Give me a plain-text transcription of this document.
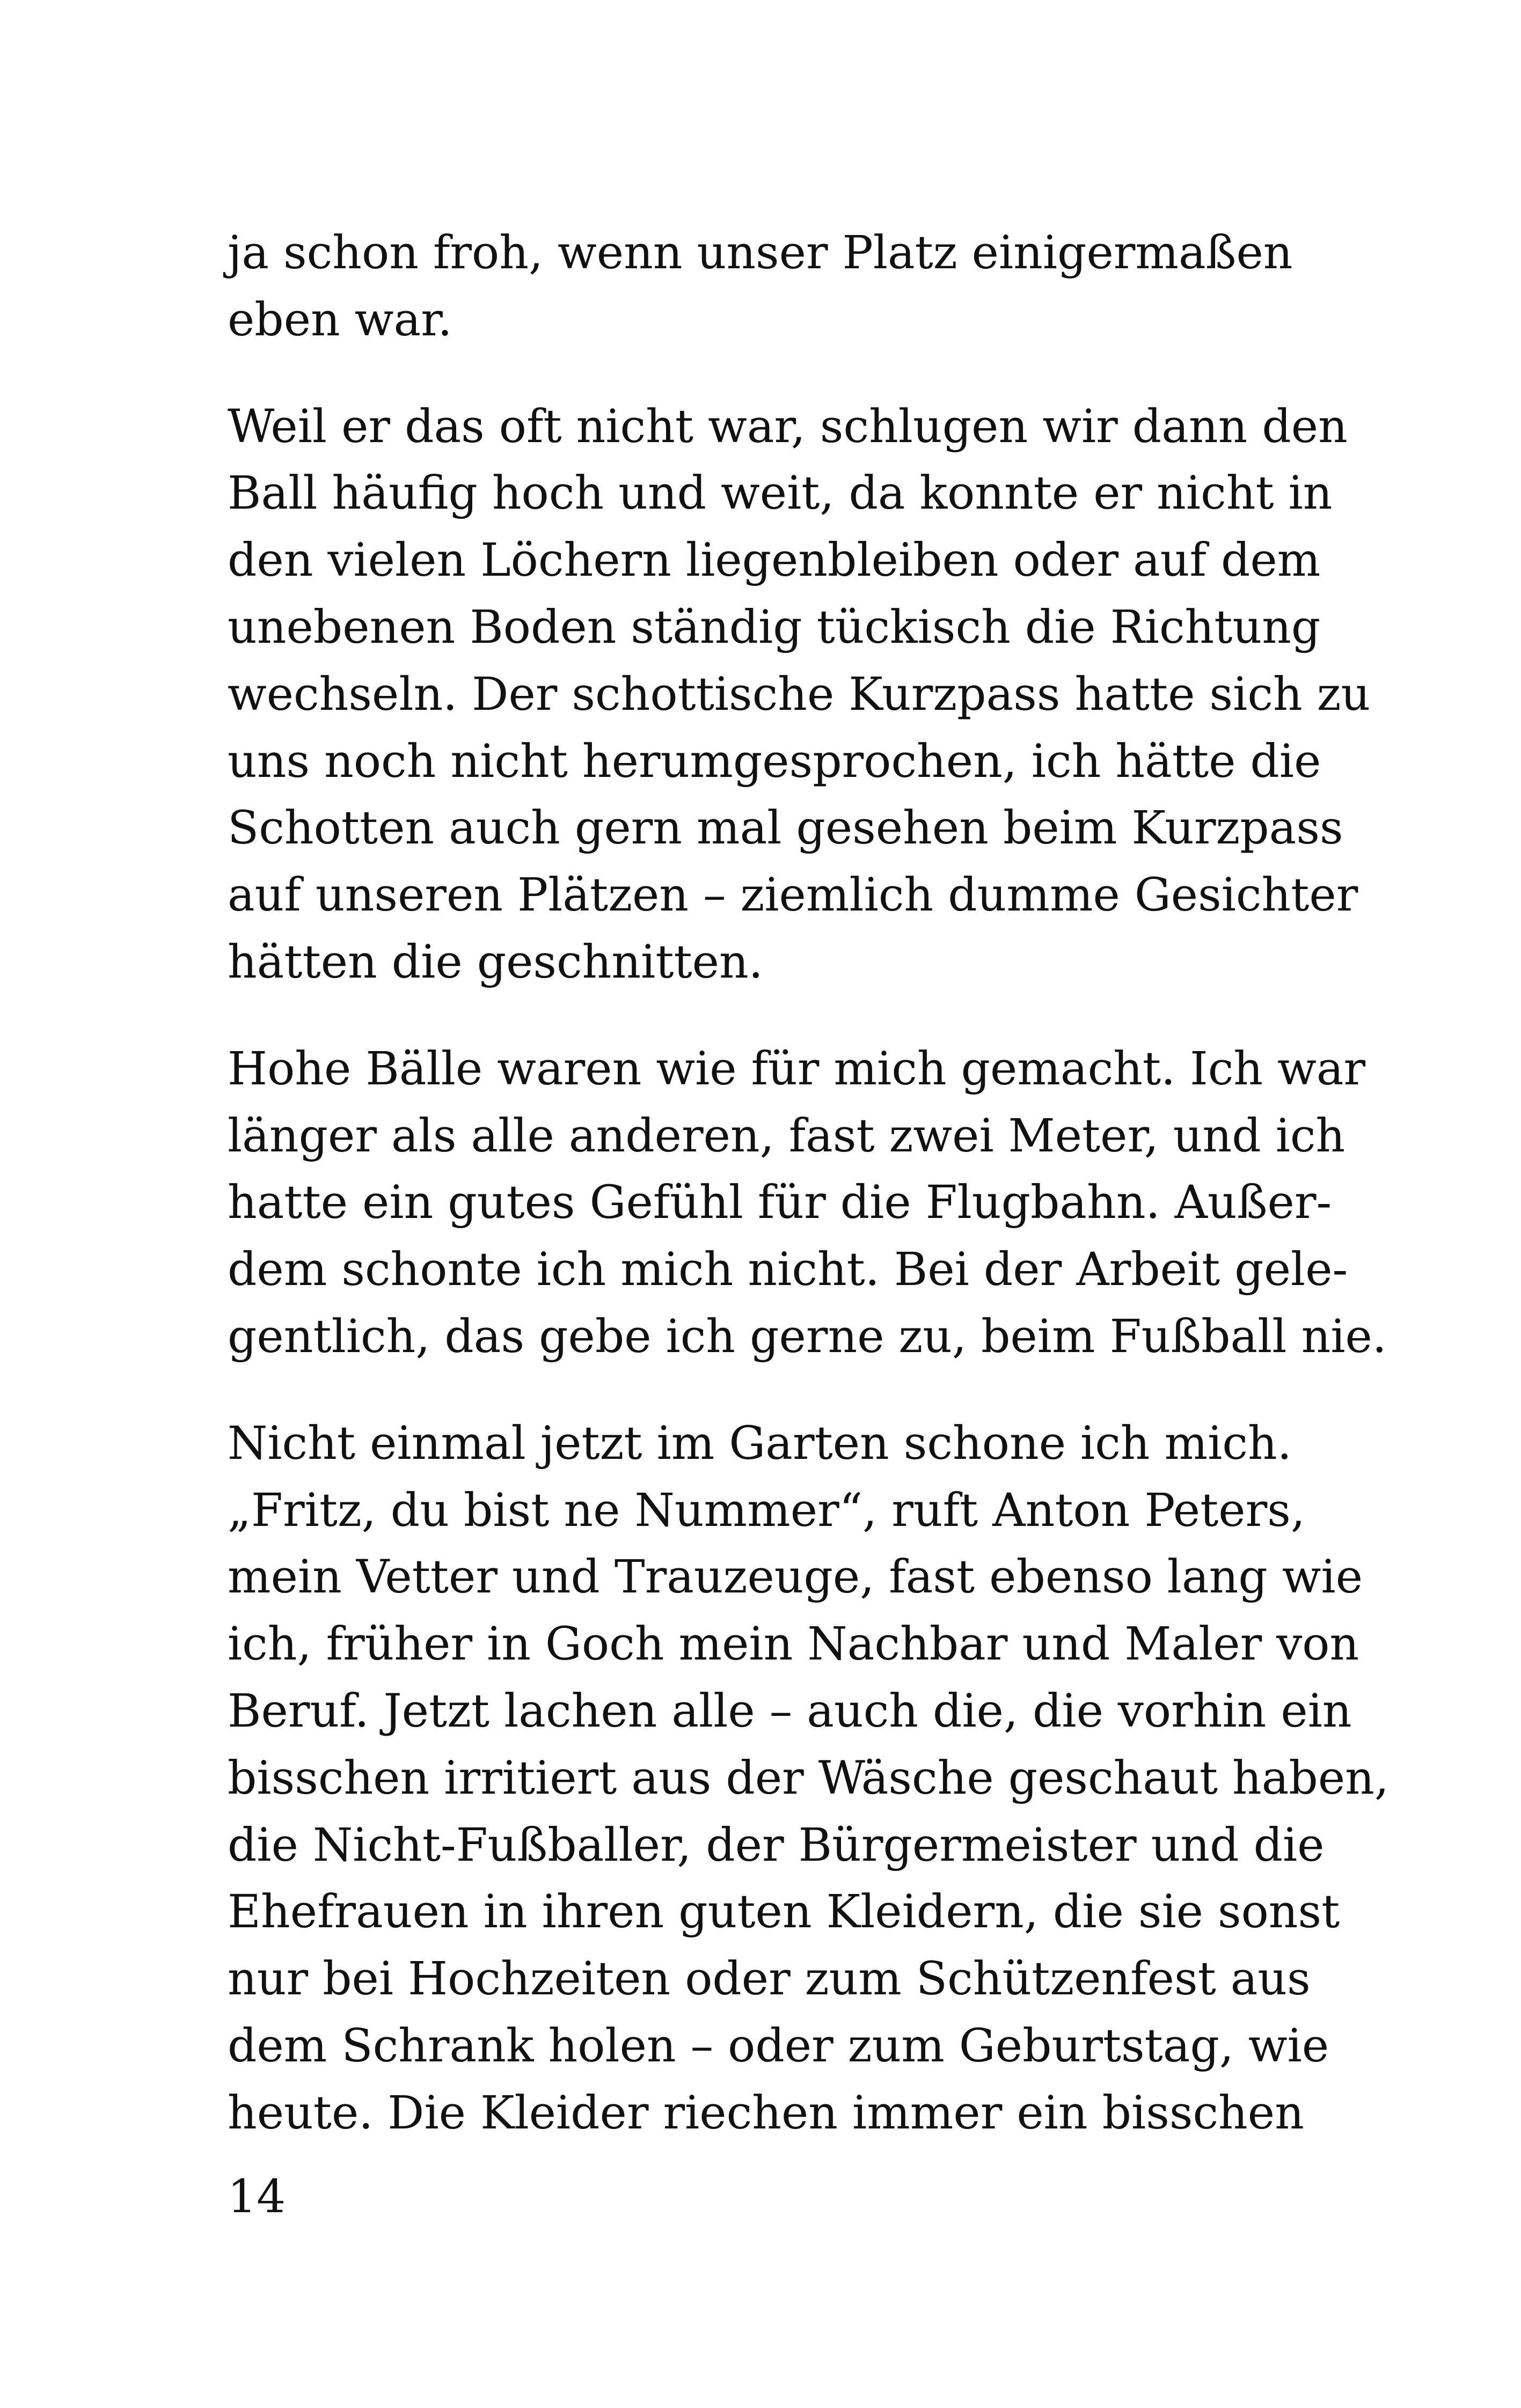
ja schon froh, wenn unser Platz einigermaßen
eben war.
Weil er das oft nicht war, schlugen wir dann den
Ball häufig hoch und weit, da konnte er nicht in
den vielen Löchern liegenbleiben oder auf dem
unebenen Boden ständig tückisch die Richtung
wechseln. Der schottische Kurzpass hatte sich zu
uns noch nicht herumgesprochen, ich hätte die
Schotten auch gern mal gesehen beim Kurzpass
auf unseren Plätzen – ziemlich dumme Gesichter
hätten die geschnitten.
Hohe Bälle waren wie für mich gemacht. Ich war
länger als alle anderen, fast zwei Meter, und ich
hatte ein gutes Gefühl für die Flugbahn. Außer-
dem schonte ich mich nicht. Bei der Arbeit gele-
gentlich, das gebe ich gerne zu, beim Fußball nie.
Nicht einmal jetzt im Garten schone ich mich.
„Fritz, du bist ne Nummer“, ruft Anton Peters,
mein Vetter und Trauzeuge, fast ebenso lang wie
ich, früher in Goch mein Nachbar und Maler von
Beruf. Jetzt lachen alle – auch die, die vorhin ein
bisschen irritiert aus der Wäsche geschaut haben,
die Nicht-Fußballer, der Bürgermeister und die
Ehefrauen in ihren guten Kleidern, die sie sonst
nur bei Hochzeiten oder zum Schützenfest aus
dem Schrank holen – oder zum Geburtstag, wie
heute. Die Kleider riechen immer ein bisschen
14
